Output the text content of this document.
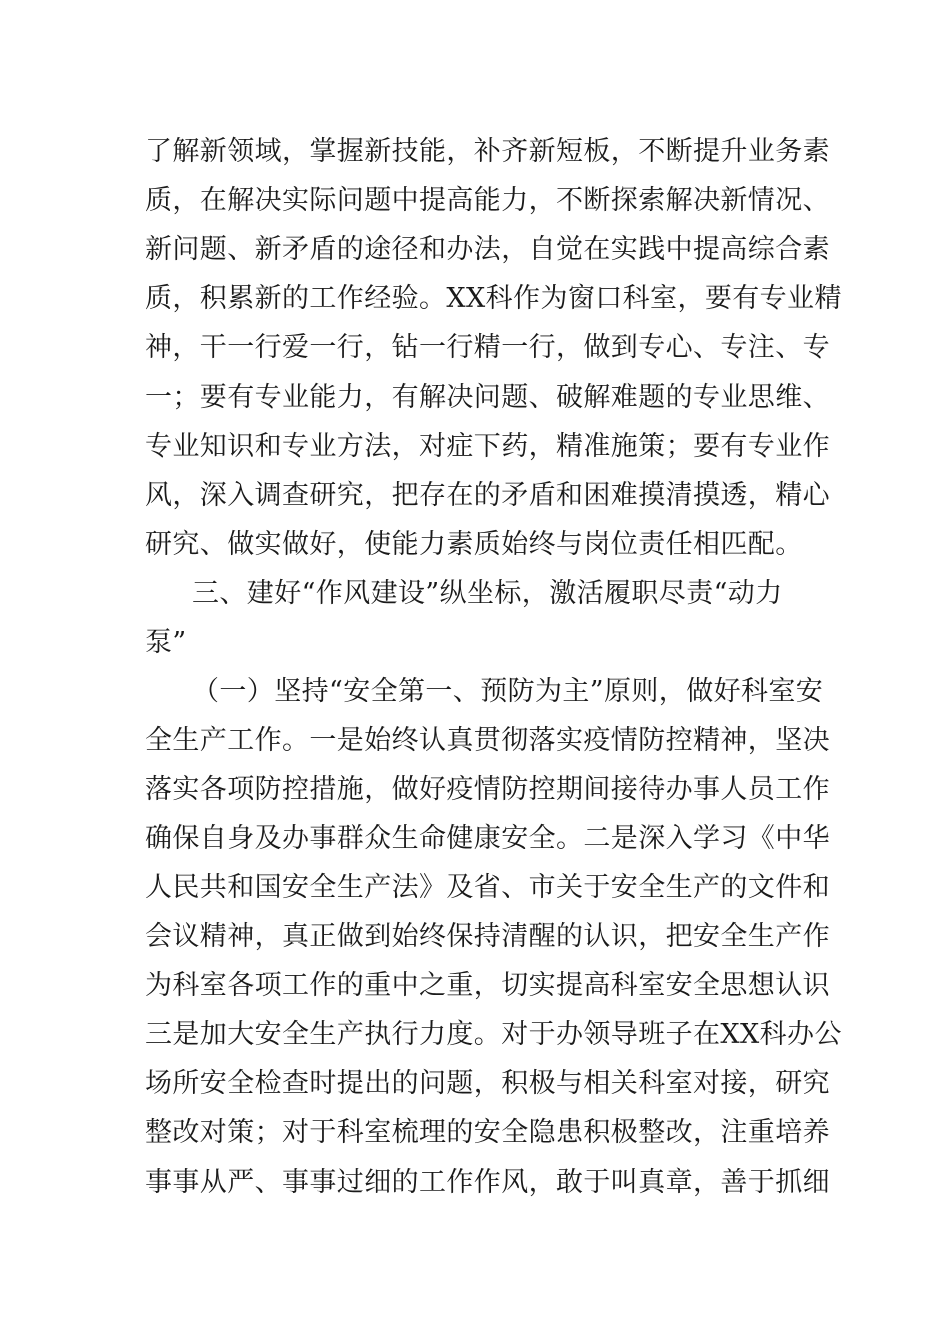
了解新领域，掌握新技能，补齐新短板，不断提升业务素
质，在解决实际问题中提高能力，不断探索解决新情况、
新问题、新矛盾的途径和办法，自觉在实践中提高综合素
质，积累新的工作经验。XX科作为窗口科室，要有专业精
神，干一行爱一行，钻一行精一行，做到专心、专注、专
一；要有专业能力，有解决问题、破解难题的专业思维、
专业知识和专业方法，对症下药，精准施策；要有专业作
风，深入调查研究，把存在的矛盾和困难摸清摸透，精心
研究、做实做好，使能力素质始终与岗位责任相匹配。
三、建好“作风建设”纵坐标，激活履职尽责“动力
泵”
（一）坚持“安全第一、预防为主”原则，做好科室安
全生产工作。一是始终认真贯彻落实疫情防控精神，坚决
落实各项防控措施，做好疫情防控期间接待办事人员工作
确保自身及办事群众生命健康安全。二是深入学习《中华
人民共和国安全生产法》及省、市关于安全生产的文件和
会议精神，真正做到始终保持清醒的认识，把安全生产作
为科室各项工作的重中之重，切实提高科室安全思想认识
三是加大安全生产执行力度。对于办领导班子在XX科办公
场所安全检查时提出的问题，积极与相关科室对接，研究
整改对策；对于科室梳理的安全隐患积极整改，注重培养
事事从严、事事过细的工作作风，敢于叫真章，善于抓细
